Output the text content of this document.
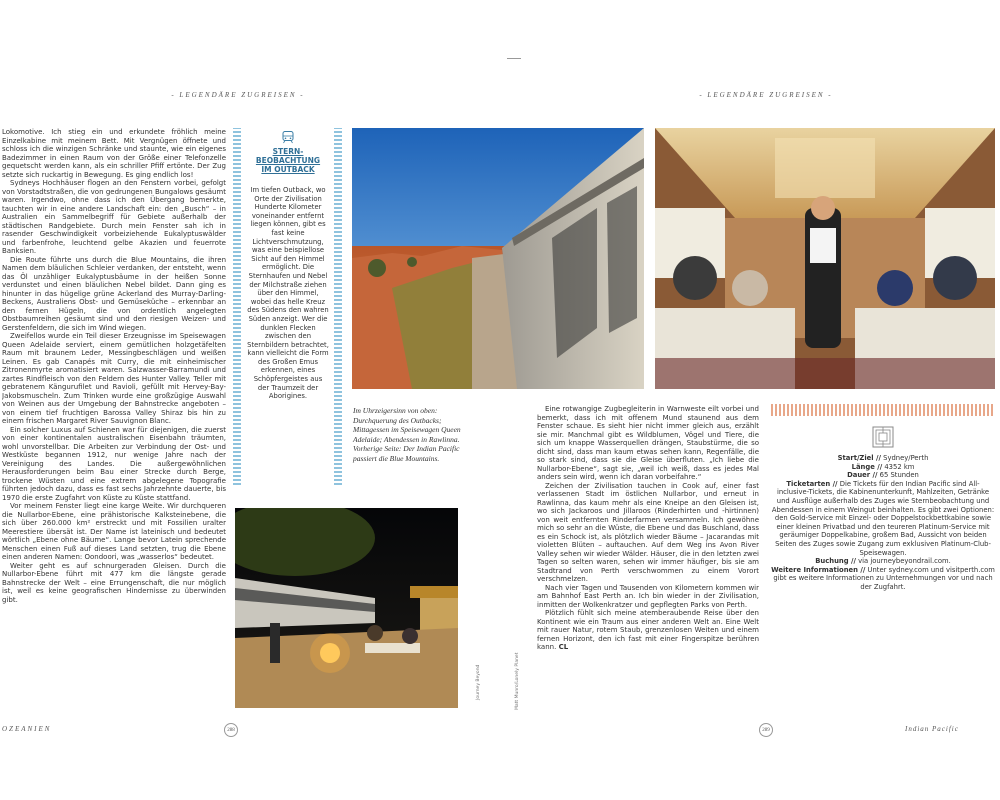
- LEGENDÄRE ZUGREISEN -	- LEGENDÄRE ZUGREISEN -

Lokomotive. Ich stieg ein und erkundete fröhlich meine Einzelkabine mit meinem Bett. Mit Vergnügen öffnete und schloss ich die winzigen Schränke und staunte, wie ein eigenes Badezimmer in einen Raum von der Größe einer Telefonzelle gequetscht werden kann, als ein schriller Pfiff ertönte. Der Zug setzte sich ruckartig in Bewegung. Es ging endlich los!

Sydneys Hochhäuser flogen an den Fenstern vorbei, gefolgt von Vorstadtstraßen, die von gedrungenen Bungalows gesäumt waren. Irgendwo, ohne dass ich den Übergang bemerkte, tauchten wir in eine andere Landschaft ein: den „Busch“ – in Australien ein Sammelbegriff für Gebiete außerhalb der städtischen Randgebiete. Durch mein Fenster sah ich in rasender Geschwindigkeit vorbeiziehende Eukalyptuswälder und farbenfrohe, leuchtend gelbe Akazien und feuerrote Banksien.

Die Route führte uns durch die Blue Mountains, die ihren Namen dem bläulichen Schleier verdanken, der entsteht, wenn das Öl unzähliger Eukalyptusbäume in der heißen Sonne verdunstet und einen bläulichen Nebel bildet. Dann ging es hinunter in das hügelige grüne Ackerland des Murray-Darling-Beckens, Australiens Obst- und Gemüseküche – erkennbar an den fernen Hügeln, die von ordentlich angelegten Obstbaumreihen gesäumt sind und den riesigen Weizen- und Gerstenfeldern, die sich im Wind wiegen.

Zweifellos wurde ein Teil dieser Erzeugnisse im Speisewagen Queen Adelaide serviert, einem gemütlichen holzgetäfelten Raum mit braunem Leder, Messingbeschlägen und weißen Leinen. Es gab Canapés mit Curry, die mit einheimischer Zitronenmyrte aromatisiert waren. Salzwasser-Barramundi und zartes Rindfleisch von den Feldern des Hunter Valley. Teller mit gebratenem Kängurufilet und Ravioli, gefüllt mit Hervey-Bay-Jakobsmuscheln. Zum Trinken wurde eine großzügige Auswahl von Weinen aus der Umgebung der Bahnstrecke angeboten – von einem tief fruchtigen Barossa Valley Shiraz bis hin zu einem frischen Margaret River Sauvignon Blanc.

Ein solcher Luxus auf Schienen war für diejenigen, die zuerst von einer kontinentalen australischen Eisenbahn träumten, wohl unvorstellbar. Die Arbeiten zur Verbindung der Ost- und Westküste begannen 1912, nur wenige Jahre nach der Vereinigung des Landes. Die außergewöhnlichen Herausforderungen beim Bau einer Strecke durch Berge, trockene Wüsten und eine extrem abgelegene Topografie führten jedoch dazu, dass es fast sechs Jahrzehnte dauerte, bis 1970 die erste Zugfahrt von Küste zu Küste stattfand.

Vor meinem Fenster liegt eine karge Weite. Wir durchqueren die Nullarbor-Ebene, eine prähistorische Kalksteinebene, die sich über 260.000 km² erstreckt und mit Fossilien uralter Meerestiere übersät ist. Der Name ist lateinisch und bedeutet wörtlich „Ebene ohne Bäume“. Lange bevor Latein sprechende Menschen einen Fuß auf dieses Land setzten, trug die Ebene einen anderen Namen: Oondoori, was „wasserlos“ bedeutet.

Weiter geht es auf schnurgeraden Gleisen. Durch die Nullarbor-Ebene führt mit 477 km die längste gerade Bahnstrecke der Welt – eine Errungenschaft, die nur möglich ist, weil es keine geografischen Hindernisse zu überwinden gibt.

STERN-
BEOBACHTUNG
IM OUTBACK
Im tiefen Outback, wo Orte der Zivilisation Hunderte Kilometer voneinander entfernt liegen können, gibt es fast keine Lichtverschmutzung, was eine beispiellose Sicht auf den Himmel ermöglicht. Die Sternhaufen und Nebel der Milchstraße ziehen über den Himmel, wobei das helle Kreuz des Südens den wahren Süden anzeigt. Wer die dunklen Flecken zwischen den Sternbildern betrachtet, kann vielleicht die Form des Großen Emus erkennen, eines Schöpfergeistes aus der Traumzeit der Aborigines.
Im Uhrzeigersinn von oben: Durchquerung des Outbacks; Mittagessen im Speisewagen Queen Adelaide; Abendessen in Rawlinna. Vorherige Seite: Der Indian Pacific passiert die Blue Mountains.
Journey Beyond	Matt Munro/Lonely Planet

Eine rotwangige Zugbegleiterin in Warnweste eilt vorbei und bemerkt, dass ich mit offenem Mund staunend aus dem Fenster schaue. Es sieht hier nicht immer gleich aus, erzählt sie mir. Manchmal gibt es Wildblumen, Vögel und Tiere, die sich um knappe Wasserquellen drängen, Staubstürme, die so dicht sind, dass man kaum etwas sehen kann, Regenfälle, die so stark sind, dass sie die Gleise überfluten. „Ich liebe die Nullarbor-Ebene“, sagt sie, „weil ich weiß, dass es jedes Mal anders sein wird, wenn ich daran vorbeifahre.“

Zeichen der Zivilisation tauchen in Cook auf, einer fast verlassenen Stadt im östlichen Nullarbor, und erneut in Rawlinna, das kaum mehr als eine Kneipe an den Gleisen ist, wo sich Jackaroos und Jillaroos (Rinderhirten und -hirtinnen) von weit entfernten Rinderfarmen versammeln. Ich gewöhne mich so sehr an die Wüste, die Ebene und das Buschland, dass es ein Schock ist, als plötzlich wieder Bäume – Jacarandas mit violetten Blüten – auftauchen. Auf dem Weg ins Avon River Valley sehen wir wieder Wälder. Häuser, die in den letzten zwei Tagen so selten waren, sehen wir immer häufiger, bis sie am Stadtrand von Perth verschwommen zu einem Vorort verschmelzen.

Nach vier Tagen und Tausenden von Kilometern kommen wir am Bahnhof East Perth an. Ich bin wieder in der Zivilisation, inmitten der Wolkenkratzer und gepflegten Parks von Perth.

Plötzlich fühlt sich meine atemberaubende Reise über den Kontinent wie ein Traum aus einer anderen Welt an. Eine Welt mit rauer Natur, rotem Staub, grenzenlosen Weiten und einem fernen Horizont, den ich fast mit einer Fingerspitze berühren kann. CL

Start/Ziel // Sydney/Perth
Länge // 4352 km
Dauer // 65 Stunden
Ticketarten // Die Tickets für den Indian Pacific sind All-inclusive-Tickets, die Kabinenunterkunft, Mahlzeiten, Getränke und Ausflüge außerhalb des Zuges wie Sternbeobachtung und Abendessen in einem Weingut beinhalten. Es gibt zwei Optionen: den Gold-Service mit Einzel- oder Doppelstockbettkabine sowie einer kleinen Privatbad und den teureren Platinum-Service mit geräumiger Doppelkabine, großem Bad, Aussicht von beiden Seiten des Zuges sowie Zugang zum exklusiven Platinum-Club-Speisewagen.
Buchung // via journeybeyondrail.com.
Weitere Informationen // Unter sydney.com und visitperth.com gibt es weitere Informationen zu Unternehmungen vor und nach der Zugfahrt.
OZEANIEN	288	289	Indian Pacific
